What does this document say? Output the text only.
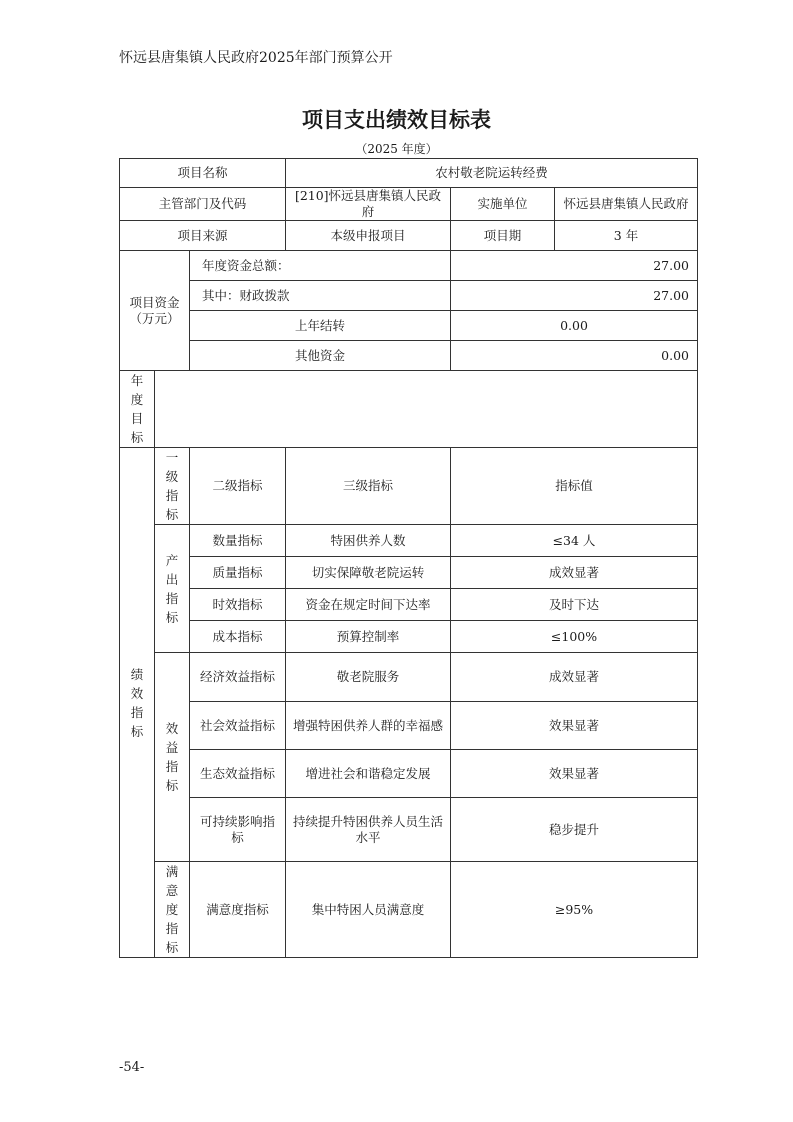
怀远县唐集镇人民政府2025年部门预算公开
项目支出绩效目标表
（2025 年度）
项目名称			农村敬老院运转经费		
主管部门及代码			[210]怀远县唐集镇人民政府	实施单位	怀远县唐集镇人民政府
项目来源			本级申报项目	项目期	3 年

项目资金
（万元）		年度资金总额：		27.00	
		其中：财政拨款		27.00	
		上年结转		0.00	
		其他资金		0.00	
年度目标					
绩效指标	一级指标	二级指标	三级指标	指标值	
	产出指标	数量指标	特困供养人数	≤34 人	
		质量指标	切实保障敬老院运转	成效显著	
		时效指标	资金在规定时间下达率	及时下达	
		成本指标	预算控制率	≤100%	
	效益指标	经济效益指标	敬老院服务	成效显著	
		社会效益指标	增强特困供养人群的幸福感	效果显著	
		生态效益指标	增进社会和谐稳定发展	效果显著	
		可持续影响指标	持续提升特困供养人员生活水平	稳步提升	
	满意度指标	满意度指标	集中特困人员满意度	≥95%	
-54-
